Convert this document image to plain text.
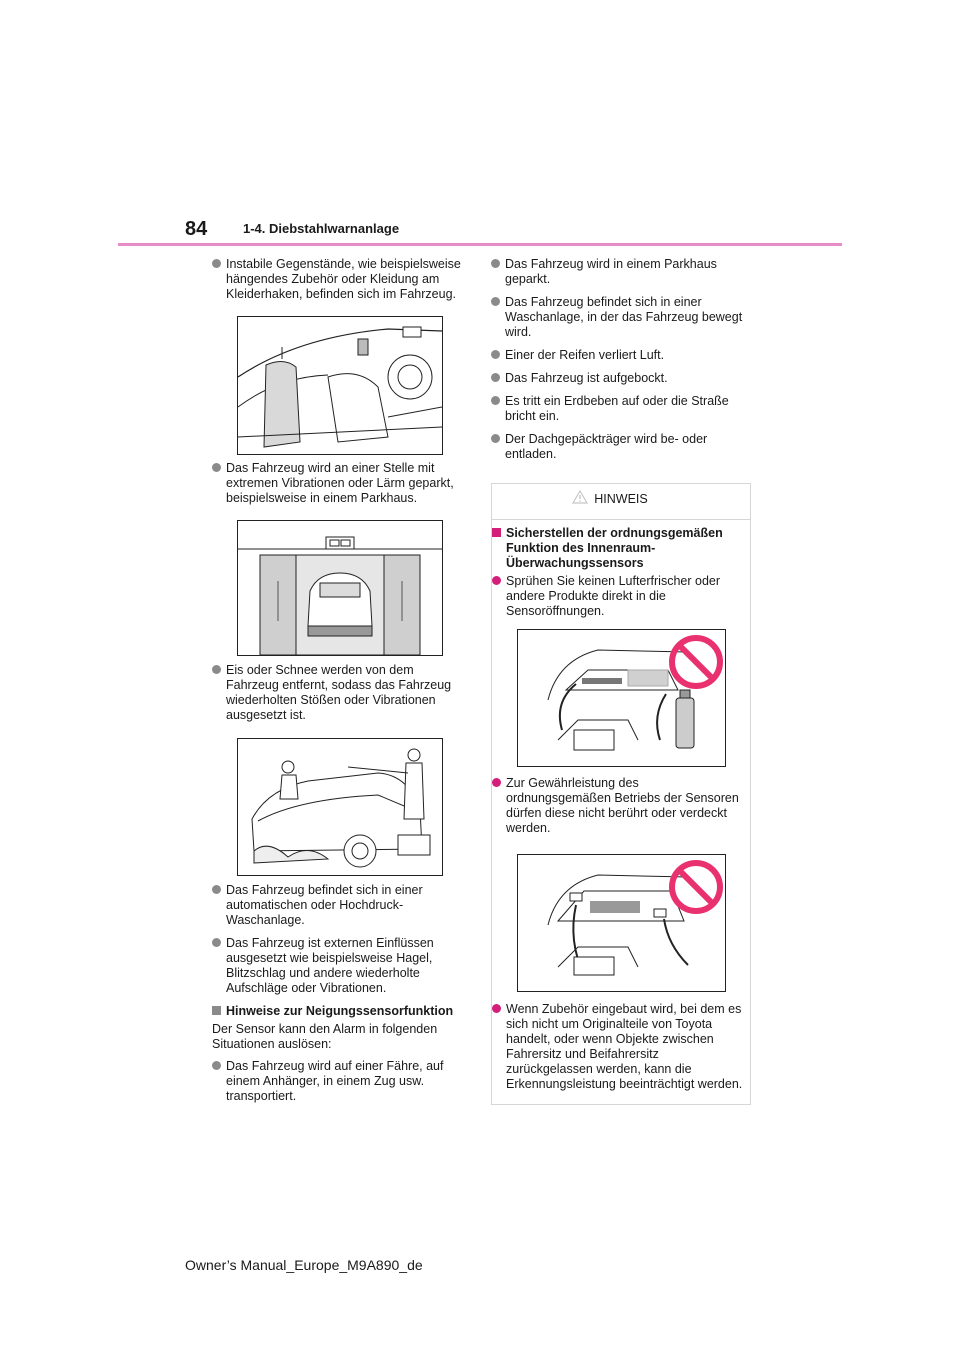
84	1-4. Diebstahlwarnanlage
Instabile Gegenstände, wie beispielsweise hängendes Zubehör oder Kleidung am Kleiderhaken, befinden sich im Fahrzeug.
Das Fahrzeug wird an einer Stelle mit extremen Vibrationen oder Lärm geparkt, beispielsweise in einem Parkhaus.
Eis oder Schnee werden von dem Fahrzeug entfernt, sodass das Fahrzeug wiederholten Stößen oder Vibrationen ausgesetzt ist.
Das Fahrzeug befindet sich in einer automatischen oder Hochdruck-Waschanlage.
Das Fahrzeug ist externen Einflüssen ausgesetzt wie beispielsweise Hagel, Blitzschlag und andere wiederholte Aufschläge oder Vibrationen.
Hinweise zur Neigungssensorfunktion
Der Sensor kann den Alarm in folgenden Situationen auslösen:
Das Fahrzeug wird auf einer Fähre, auf einem Anhänger, in einem Zug usw. transportiert.
Das Fahrzeug wird in einem Parkhaus geparkt.
Das Fahrzeug befindet sich in einer Waschanlage, in der das Fahrzeug bewegt wird.
Einer der Reifen verliert Luft.
Das Fahrzeug ist aufgebockt.
Es tritt ein Erdbeben auf oder die Straße bricht ein.
Der Dachgepäckträger wird be- oder entladen.
HINWEIS
Sicherstellen der ordnungsgemäßen Funktion des Innenraum-Überwachungssensors
Sprühen Sie keinen Lufterfrischer oder andere Produkte direkt in die Sensoröffnungen.
Zur Gewährleistung des ordnungsgemäßen Betriebs der Sensoren dürfen diese nicht berührt oder verdeckt werden.
Wenn Zubehör eingebaut wird, bei dem es sich nicht um Originalteile von Toyota handelt, oder wenn Objekte zwischen Fahrersitz und Beifahrersitz zurückgelassen werden, kann die Erkennungsleistung beeinträchtigt werden.
Owner’s Manual_Europe_M9A890_de
